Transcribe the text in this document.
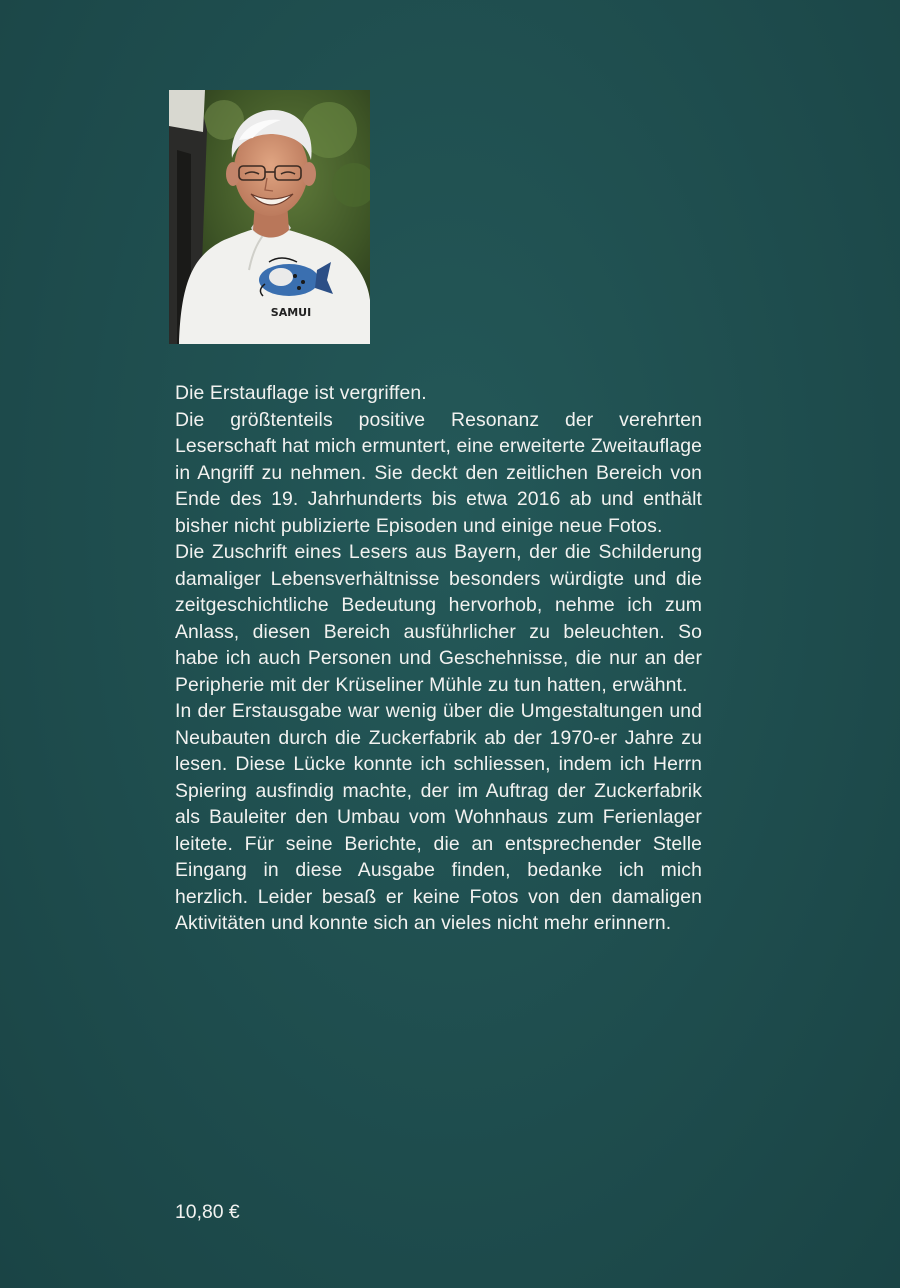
SAMUI

Die Erstauflage ist vergriffen.

Die größtenteils positive Resonanz der verehrten Leserschaft hat mich ermuntert, eine erweiterte Zweitauflage in Angriff zu nehmen. Sie deckt den zeitlichen Bereich von Ende des 19. Jahrhunderts bis etwa 2016 ab und enthält bisher nicht publizierte Episoden und einige neue Fotos.

Die Zuschrift eines Lesers aus Bayern, der die Schilderung damaliger Lebensverhältnisse besonders würdigte und die zeitgeschichtliche Bedeutung hervorhob, nehme ich zum Anlass, diesen Bereich ausführlicher zu beleuchten. So habe ich auch Personen und Geschehnisse, die nur an der Peripherie mit der Krüseliner Mühle zu tun hatten, erwähnt.

In der Erstausgabe war wenig über die Umgestaltungen und Neubauten durch die Zuckerfabrik ab der 1970-er Jahre zu lesen. Diese Lücke konnte ich schliessen, indem ich Herrn Spiering ausfindig machte, der im Auftrag der Zuckerfabrik als Bauleiter den Umbau vom Wohnhaus zum Ferienlager leitete. Für seine Berichte, die an entsprechender Stelle Eingang in diese Ausgabe finden, bedanke ich mich herzlich. Leider besaß er keine Fotos von den damaligen Aktivitäten und konnte sich an vieles nicht mehr erinnern.

10,80 €
